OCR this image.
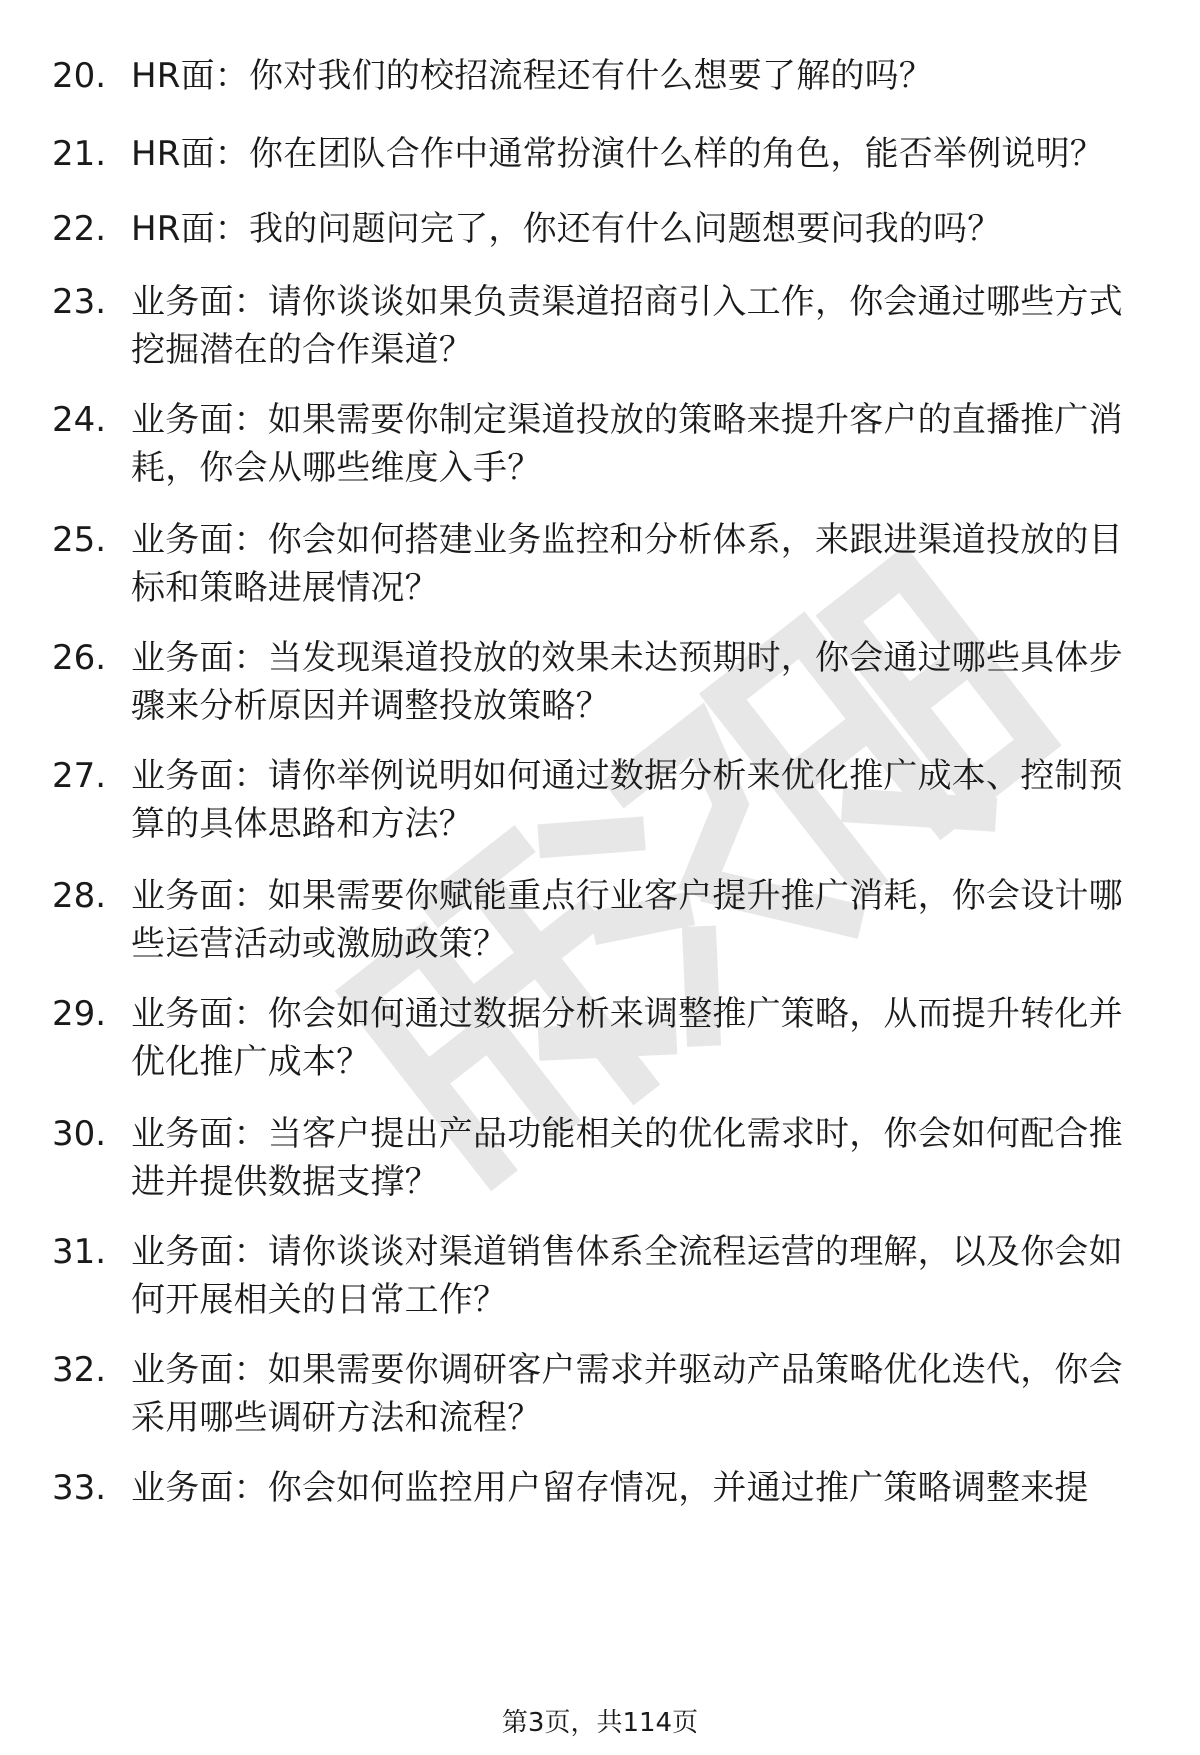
20. HR面：你对我们的校招流程还有什么想要了解的吗？
21. HR面：你在团队合作中通常扮演什么样的角色，能否举例说明？
22. HR面：我的问题问完了，你还有什么问题想要问我的吗？
23. 业务面：请你谈谈如果负责渠道招商引入工作，你会通过哪些方式挖掘潜在的合作渠道？
24. 业务面：如果需要你制定渠道投放的策略来提升客户的直播推广消耗，你会从哪些维度入手？
25. 业务面：你会如何搭建业务监控和分析体系，来跟进渠道投放的目标和策略进展情况？
26. 业务面：当发现渠道投放的效果未达预期时，你会通过哪些具体步骤来分析原因并调整投放策略？
27. 业务面：请你举例说明如何通过数据分析来优化推广成本、控制预算的具体思路和方法？
28. 业务面：如果需要你赋能重点行业客户提升推广消耗，你会设计哪些运营活动或激励政策？
29. 业务面：你会如何通过数据分析来调整推广策略，从而提升转化并优化推广成本？
30. 业务面：当客户提出产品功能相关的优化需求时，你会如何配合推进并提供数据支撑？
31. 业务面：请你谈谈对渠道销售体系全流程运营的理解，以及你会如何开展相关的日常工作？
32. 业务面：如果需要你调研客户需求并驱动产品策略优化迭代，你会采用哪些调研方法和流程？
33. 业务面：你会如何监控用户留存情况，并通过推广策略调整来提
第3页，共114页
